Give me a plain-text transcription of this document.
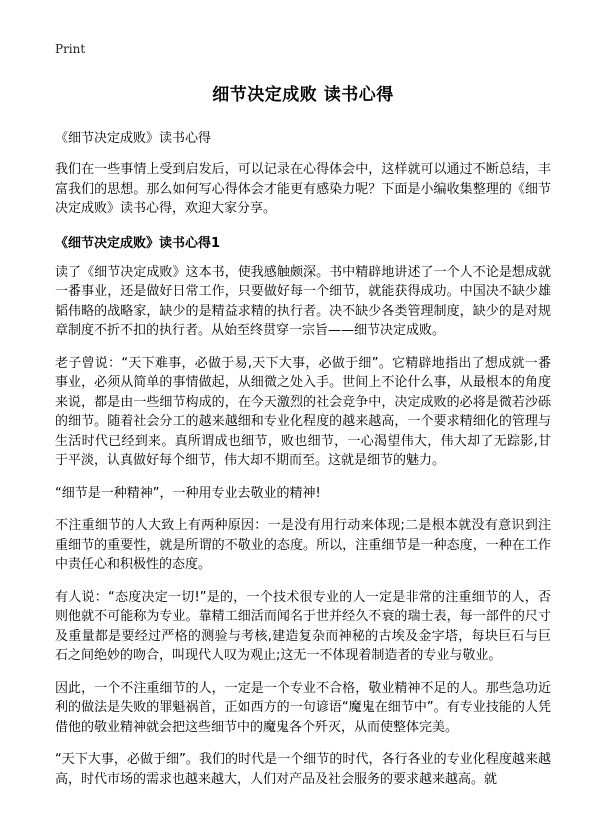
Print
细节决定成败 读书心得
《细节决定成败》读书心得

我们在一些事情上受到启发后，可以记录在心得体会中，这样就可以通过不断总结，丰富我们的思想。那么如何写心得体会才能更有感染力呢？下面是小编收集整理的《细节决定成败》读书心得，欢迎大家分享。

《细节决定成败》读书心得1

读了《细节决定成败》这本书，使我感触颇深。书中精辟地讲述了一个人不论是想成就一番事业，还是做好日常工作，只要做好每一个细节，就能获得成功。中国决不缺少雄韬伟略的战略家，缺少的是精益求精的执行者。决不缺少各类管理制度，缺少的是对规章制度不折不扣的执行者。从始至终贯穿一宗旨——细节决定成败。

老子曾说：“天下难事，必做于易,天下大事，必做于细”。它精辟地指出了想成就一番事业，必须从简单的事情做起，从细微之处入手。世间上不论什么事，从最根本的角度来说，都是由一些细节构成的，在今天激烈的社会竞争中，决定成败的必将是微若沙砾的细节。随着社会分工的越来越细和专业化程度的越来越高，一个要求精细化的管理与生活时代已经到来。真所谓成也细节，败也细节，一心渴望伟大，伟大却了无踪影,甘于平淡，认真做好每个细节，伟大却不期而至。这就是细节的魅力。

“细节是一种精神”，一种用专业去敬业的精神!

不注重细节的人大致上有两种原因：一是没有用行动来体现;二是根本就没有意识到注重细节的重要性，就是所谓的不敬业的态度。所以，注重细节是一种态度，一种在工作中责任心和积极性的态度。

有人说：“态度决定一切!”是的，一个技术很专业的人一定是非常的注重细节的人，否则他就不可能称为专业。靠精工细活而闻名于世并经久不衰的瑞士表，每一部件的尺寸及重量都是要经过严格的测验与考核,建造复杂而神秘的古埃及金字塔，每块巨石与巨石之间绝妙的吻合，叫现代人叹为观止;这无一不体现着制造者的专业与敬业。

因此，一个不注重细节的人，一定是一个专业不合格，敬业精神不足的人。那些急功近利的做法是失败的罪魁祸首，正如西方的一句谚语“魔鬼在细节中”。有专业技能的人凭借他的敬业精神就会把这些细节中的魔鬼各个歼灭，从而使整体完美。

“天下大事，必做于细”。我们的时代是一个细节的时代，各行各业的专业化程度越来越高，时代市场的需求也越来越大，人们对产品及社会服务的要求越来越高。就
